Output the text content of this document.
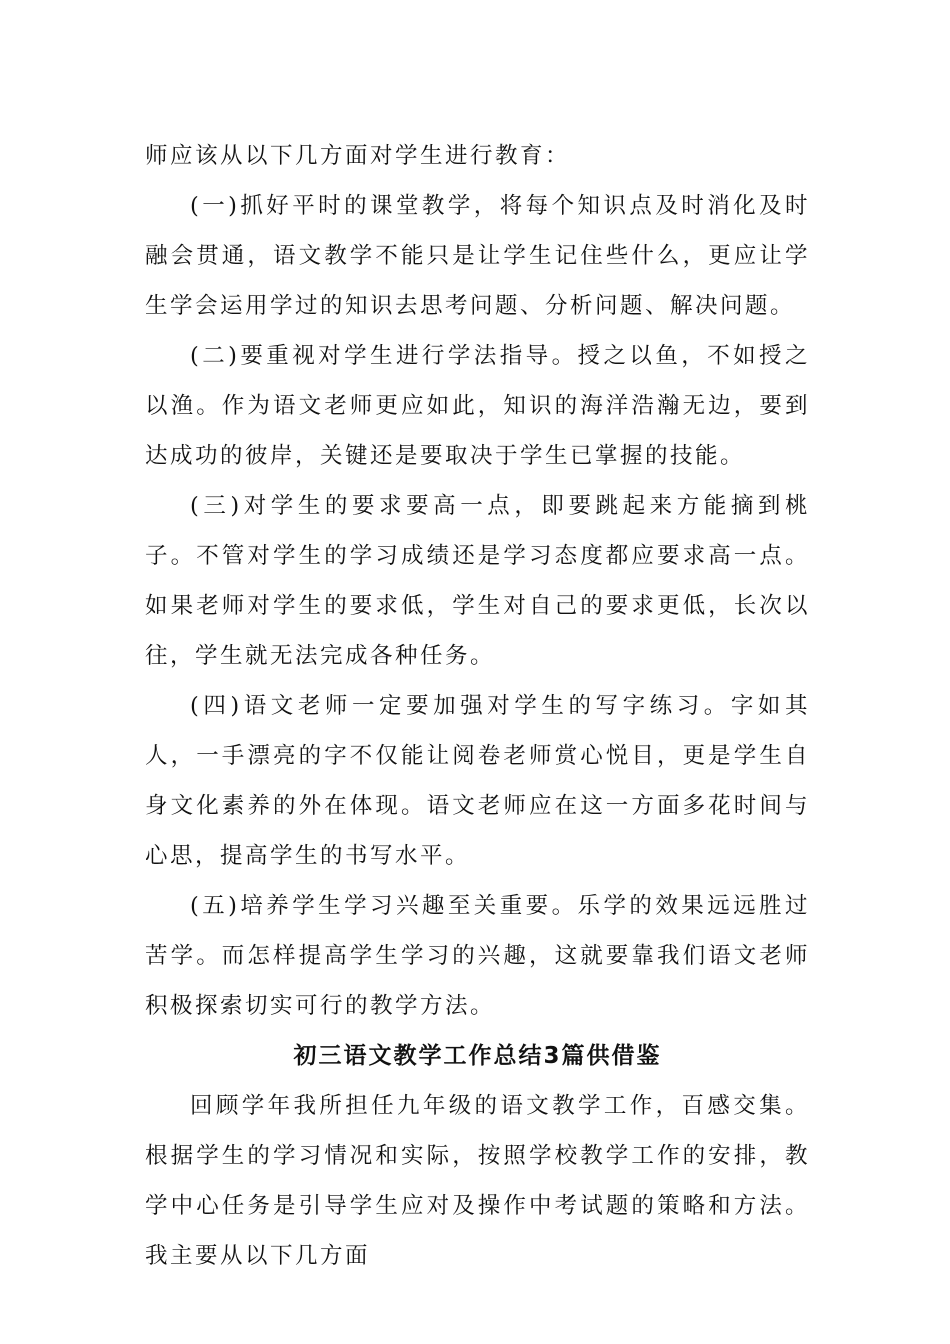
师应该从以下几方面对学生进行教育：

(一)抓好平时的课堂教学，将每个知识点及时消化及时融会贯通，语文教学不能只是让学生记住些什么，更应让学生学会运用学过的知识去思考问题、分析问题、解决问题。

(二)要重视对学生进行学法指导。授之以鱼，不如授之以渔。作为语文老师更应如此，知识的海洋浩瀚无边，要到达成功的彼岸，关键还是要取决于学生已掌握的技能。

(三)对学生的要求要高一点，即要跳起来方能摘到桃子。不管对学生的学习成绩还是学习态度都应要求高一点。如果老师对学生的要求低，学生对自己的要求更低，长次以往，学生就无法完成各种任务。

(四)语文老师一定要加强对学生的写字练习。字如其人，一手漂亮的字不仅能让阅卷老师赏心悦目，更是学生自身文化素养的外在体现。语文老师应在这一方面多花时间与心思，提高学生的书写水平。

(五)培养学生学习兴趣至关重要。乐学的效果远远胜过苦学。而怎样提高学生学习的兴趣，这就要靠我们语文老师积极探索切实可行的教学方法。

初三语文教学工作总结3篇供借鉴

回顾学年我所担任九年级的语文教学工作，百感交集。根据学生的学习情况和实际，按照学校教学工作的安排，教学中心任务是引导学生应对及操作中考试题的策略和方法。我主要从以下几方面
